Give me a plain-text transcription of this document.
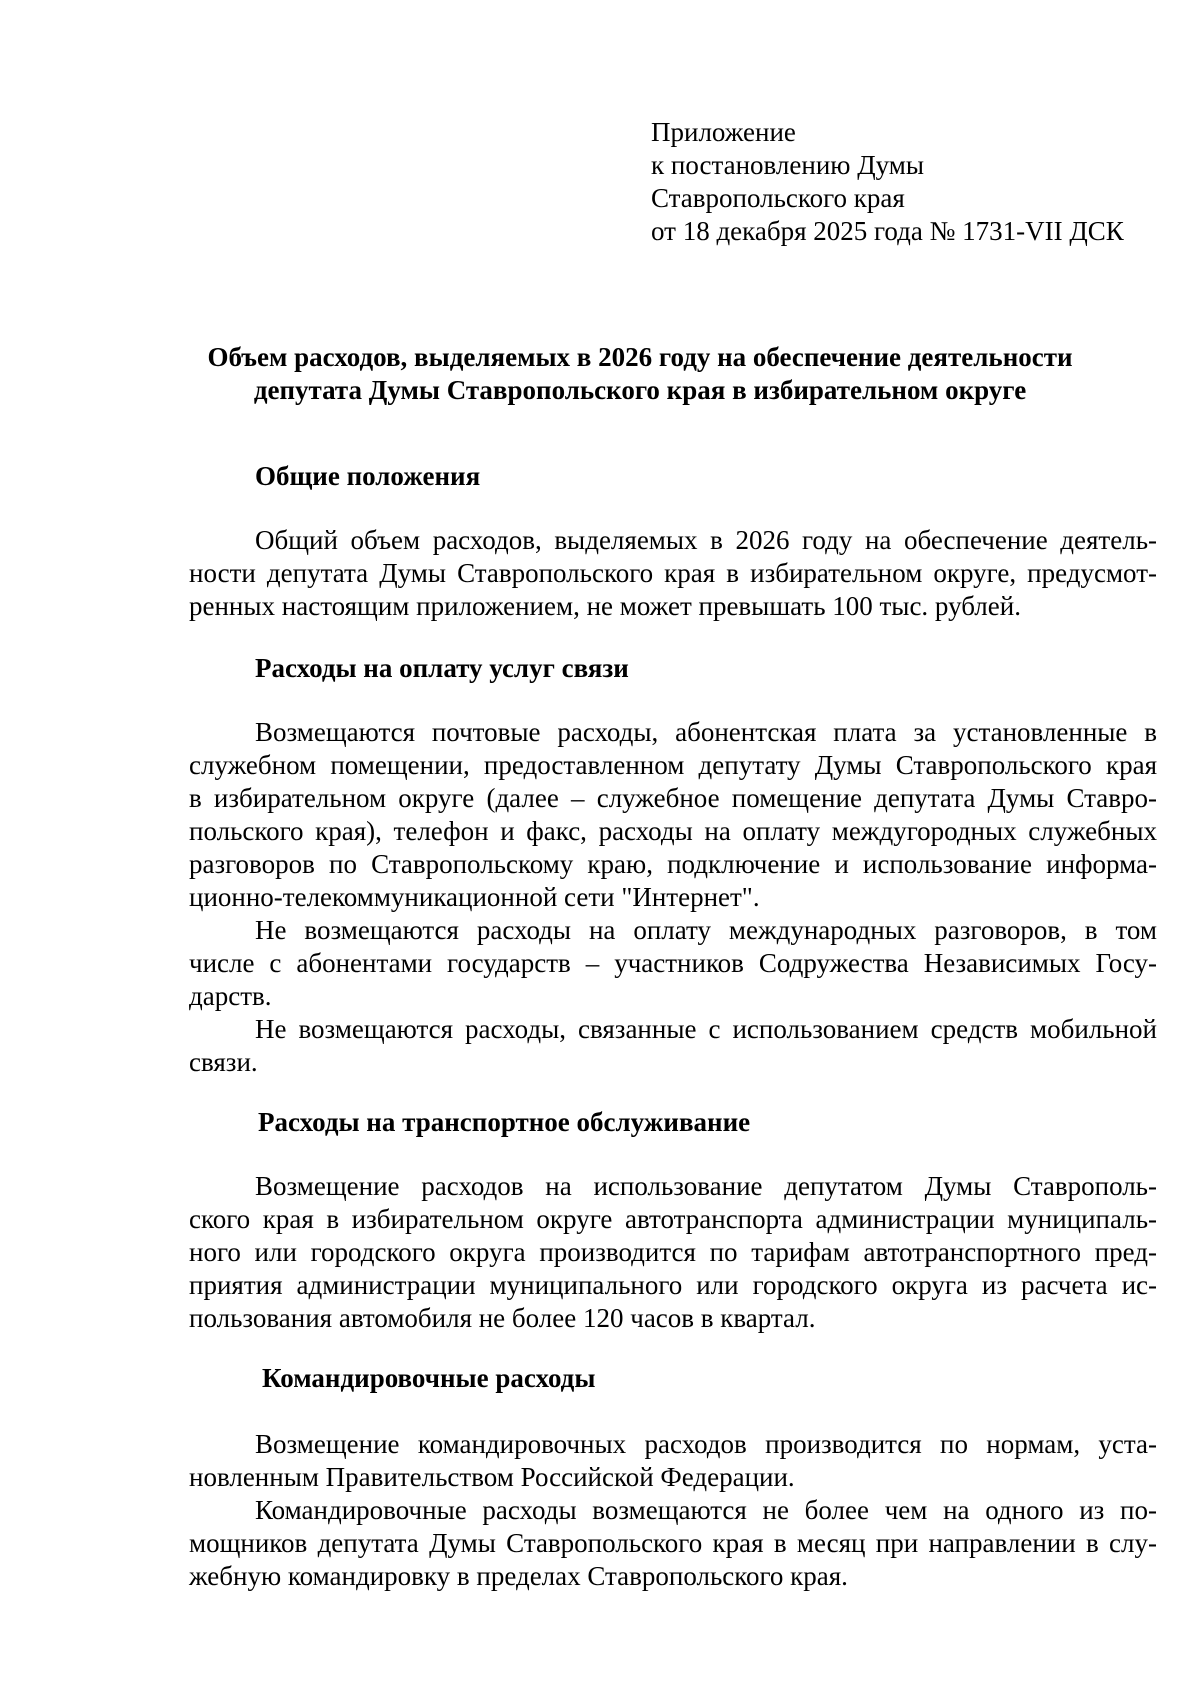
Приложение
к постановлению Думы
Ставропольского края
от 18 декабря 2025 года № 1731-VII ДСК
Объем расходов, выделяемых в 2026 году на обеспечение деятельности
депутата Думы Ставропольского края в избирательном округе
Общие положения
Общий объем расходов, выделяемых в 2026 году на обеспечение деятель-
ности депутата Думы Ставропольского края в избирательном округе, предусмот-
ренных настоящим приложением, не может превышать 100 тыс. рублей.
Расходы на оплату услуг связи
Возмещаются почтовые расходы, абонентская плата за установленные в
служебном помещении, предоставленном депутату Думы Ставропольского края
в избирательном округе (далее – служебное помещение депутата Думы Ставро-
польского края), телефон и факс, расходы на оплату междугородных служебных
разговоров по Ставропольскому краю, подключение и использование информа-
ционно-телекоммуникационной сети "Интернет".
Не возмещаются расходы на оплату международных разговоров, в том
числе с абонентами государств – участников Содружества Независимых Госу-
дарств.
Не возмещаются расходы, связанные с использованием средств мобильной
связи.
Расходы на транспортное обслуживание
Возмещение расходов на использование депутатом Думы Ставрополь-
ского края в избирательном округе автотранспорта администрации муниципаль-
ного или городского округа производится по тарифам автотранспортного пред-
приятия администрации муниципального или городского округа из расчета ис-
пользования автомобиля не более 120 часов в квартал.
Командировочные расходы
Возмещение командировочных расходов производится по нормам, уста-
новленным Правительством Российской Федерации.
Командировочные расходы возмещаются не более чем на одного из по-
мощников депутата Думы Ставропольского края в месяц при направлении в слу-
жебную командировку в пределах Ставропольского края.
